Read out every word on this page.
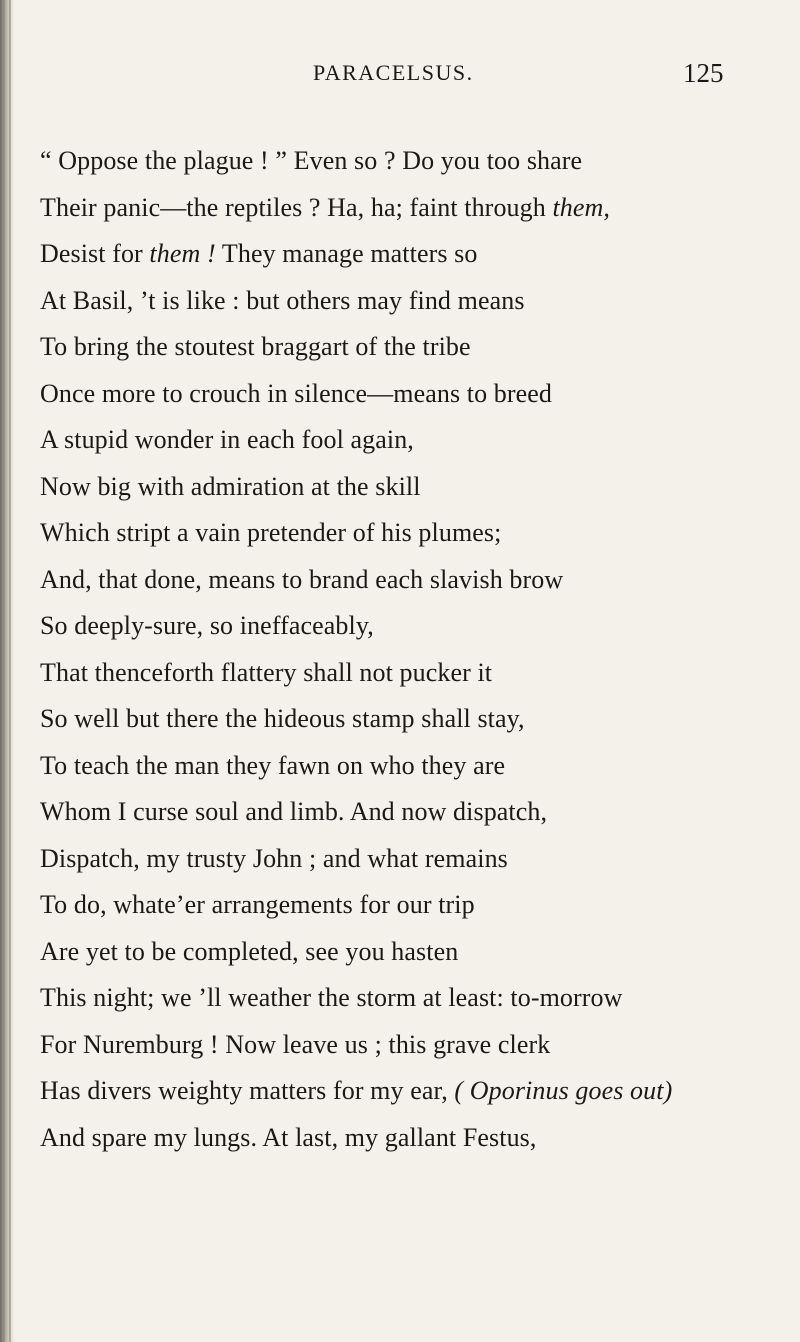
PARACELSUS.	125
“ Oppose the plague ! ” Even so ? Do you too share
Their panic—the reptiles ? Ha, ha; faint through them,
Desist for them ! They manage matters so
At Basil, ’t is like : but others may find means
To bring the stoutest braggart of the tribe
Once more to crouch in silence—means to breed
A stupid wonder in each fool again,
Now big with admiration at the skill
Which stript a vain pretender of his plumes;
And, that done, means to brand each slavish brow
So deeply-sure, so ineffaceably,
That thenceforth flattery shall not pucker it
So well but there the hideous stamp shall stay,
To teach the man they fawn on who they are
Whom I curse soul and limb. And now dispatch,
Dispatch, my trusty John ; and what remains
To do, whate’er arrangements for our trip
Are yet to be completed, see you hasten
This night; we ’ll weather the storm at least: to-morrow
For Nuremburg ! Now leave us ; this grave clerk
Has divers weighty matters for my ear, ( Oporinus goes out)
And spare my lungs. At last, my gallant Festus,
